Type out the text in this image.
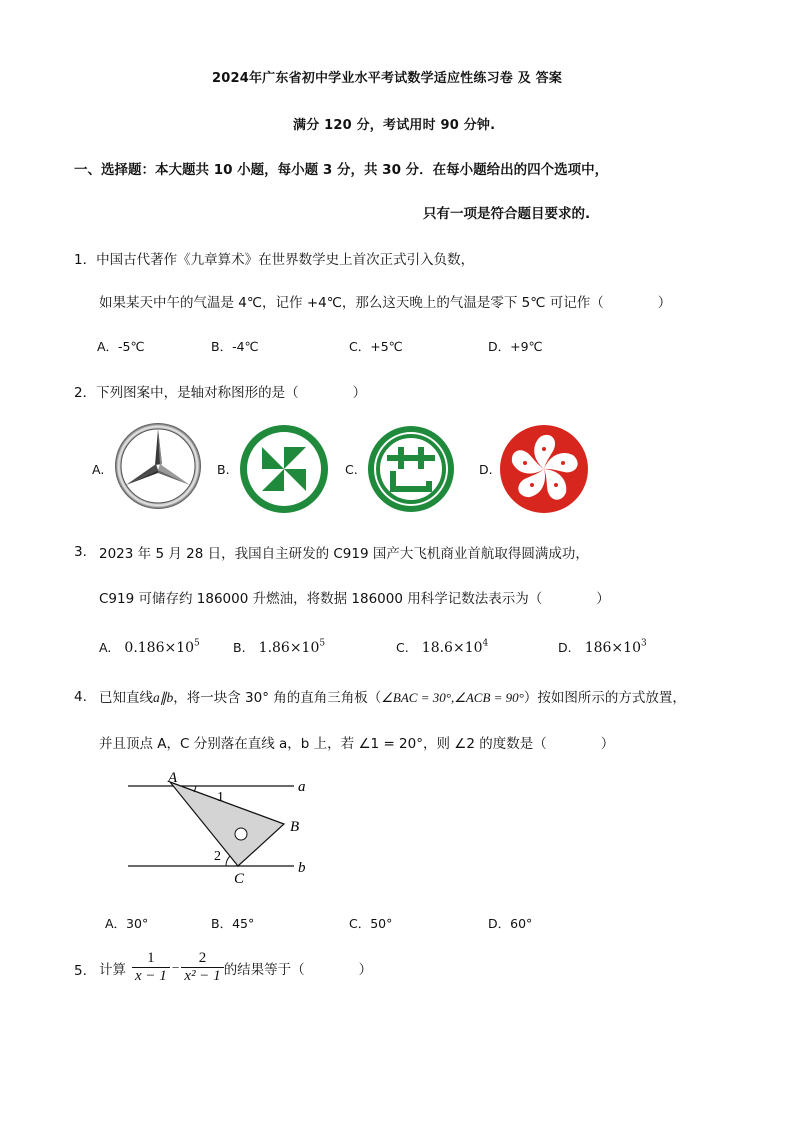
2024年广东省初中学业水平考试数学适应性练习卷 及 答案
满分 120 分，考试用时 90 分钟.
一、选择题：本大题共 10 小题，每小题 3 分，共 30 分．在每小题给出的四个选项中，
只有一项是符合题目要求的.
1．中国古代著作《九章算术》在世界数学史上首次正式引入负数，
如果某天中午的气温是 4℃，记作 +4℃，那么这天晚上的气温是零下 5℃ 可记作（　　　　）
A．-5℃	B．-4℃	C．+5℃	D．+9℃
2．下列图案中，是轴对称图形的是（　　　　）
A.	B.	C.	D.
3. 2023 年 5 月 28 日，我国自主研发的 C919 国产大飞机商业首航取得圆满成功，
C919 可储存约 186000 升燃油，将数据 186000 用科学记数法表示为（　　　　）
A. $0.186\times 10^5$	B. $1.86\times 10^5$	C. $18.6\times 10^4$	D. $186\times 10^3$
4. 已知直线a∥b，将一块含 30° 角的直角三角板（∠BAC = 30°,∠ACB = 90°）按如图所示的方式放置，
并且顶点 A，C 分别落在直线 a，b 上，若 ∠1 = 20°，则 ∠2 的度数是（　　　　）
A
B
C
a
b
1
2
A．30°	B．45°	C．50°	D．60°
5. 计算 $\frac{1}{x - 1} - \frac{2}{\text{x² − 1}}$ 的结果等于（　　　　）
